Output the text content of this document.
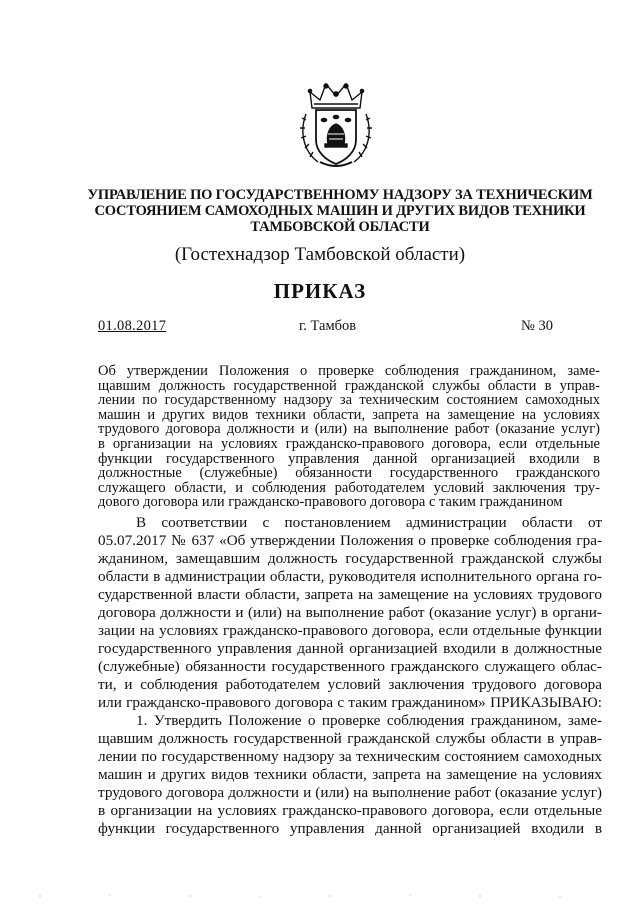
УПРАВЛЕНИЕ ПО ГОСУДАРСТВЕННОМУ НАДЗОРУ ЗА ТЕХНИЧЕСКИМ
СОСТОЯНИЕМ САМОХОДНЫХ МАШИН И ДРУГИХ ВИДОВ ТЕХНИКИ
ТАМБОВСКОЙ ОБЛАСТИ
(Гостехнадзор Тамбовской области)
ПРИКАЗ
01.08.2017	г. Тамбов	№ 30
Об утверждении Положения о проверке соблюдения гражданином, заме-
щавшим должность государственной гражданской службы области в управ-
лении по государственному надзору за техническим состоянием самоходных
машин и других видов техники области, запрета на замещение на условиях
трудового договора должности и (или) на выполнение работ (оказание услуг)
в организации на условиях гражданско-правового договора, если отдельные
функции государственного управления данной организацией входили в
должностные (служебные) обязанности государственного гражданского
служащего области, и соблюдения работодателем условий заключения тру-
дового договора или гражданско-правового договора с таким гражданином
В соответствии с постановлением администрации области от
05.07.2017 № 637 «Об утверждении Положения о проверке соблюдения гра-
жданином, замещавшим должность государственной гражданской службы
области в администрации области, руководителя исполнительного органа го-
сударственной власти области, запрета на замещение на условиях трудового
договора должности и (или) на выполнение работ (оказание услуг) в органи-
зации на условиях гражданско-правового договора, если отдельные функции
государственного управления данной организацией входили в должностные
(служебные) обязанности государственного гражданского служащего облас-
ти, и соблюдения работодателем условий заключения трудового договора
или гражданско-правового договора с таким гражданином» ПРИКАЗЫВАЮ:
1. Утвердить Положение о проверке соблюдения гражданином, заме-
щавшим должность государственной гражданской службы области в управ-
лении по государственному надзору за техническим состоянием самоходных
машин и других видов техники области, запрета на замещение на условиях
трудового договора должности и (или) на выполнение работ (оказание услуг)
в организации на условиях гражданско-правового договора, если отдельные
функции государственного управления данной организацией входили в
